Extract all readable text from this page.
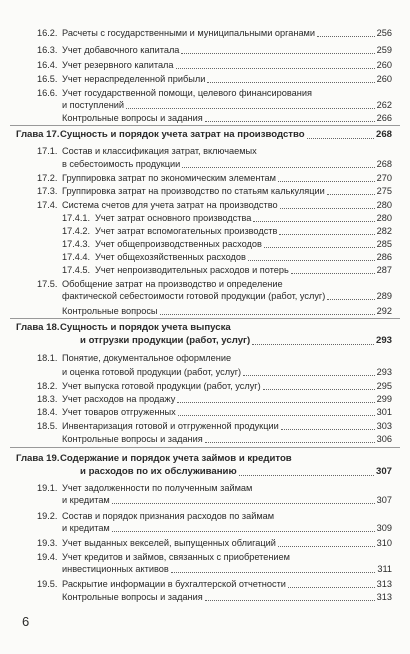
16.2. Расчеты с государственными и муниципальными органами	256
16.3. Учет добавочного капитала	259
16.4. Учет резервного капитала	260
16.5. Учет нераспределенной прибыли	260
16.6. Учет государственной помощи, целевого финансирования
и поступлений	262
Контрольные вопросы и задания	266
Глава 17. Сущность и порядок учета затрат на производство	268
17.1. Состав и классификация затрат, включаемых
в себестоимость продукции	268
17.2. Группировка затрат по экономическим элементам	270
17.3. Группировка затрат на производство по статьям калькуляции	275
17.4. Система счетов для учета затрат на производство	280
17.4.1. Учет затрат основного производства	280
17.4.2. Учет затрат вспомогательных производств	282
17.4.3. Учет общепроизводственных расходов	285
17.4.4. Учет общехозяйственных расходов	286
17.4.5. Учет непроизводительных расходов и потерь	287
17.5. Обобщение затрат на производство и определение
фактической себестоимости готовой продукции (работ, услуг)	289
Контрольные вопросы	292
Глава 18. Сущность и порядок учета выпуска
и отгрузки продукции (работ, услуг)	293
18.1. Понятие, документальное оформление
и оценка готовой продукции (работ, услуг)	293
18.2. Учет выпуска готовой продукции (работ, услуг)	295
18.3. Учет расходов на продажу	299
18.4. Учет товаров отгруженных	301
18.5. Инвентаризация готовой и отгруженной продукции	303
Контрольные вопросы и задания	306
Глава 19. Содержание и порядок учета займов и кредитов
и расходов по их обслуживанию	307
19.1. Учет задолженности по полученным займам
и кредитам	307
19.2. Состав и порядок признания расходов по займам
и кредитам	309
19.3. Учет выданных векселей, выпущенных облигаций	310
19.4. Учет кредитов и займов, связанных с приобретением
инвестиционных активов	311
19.5. Раскрытие информации в бухгалтерской отчетности	313
Контрольные вопросы и задания	313
6
